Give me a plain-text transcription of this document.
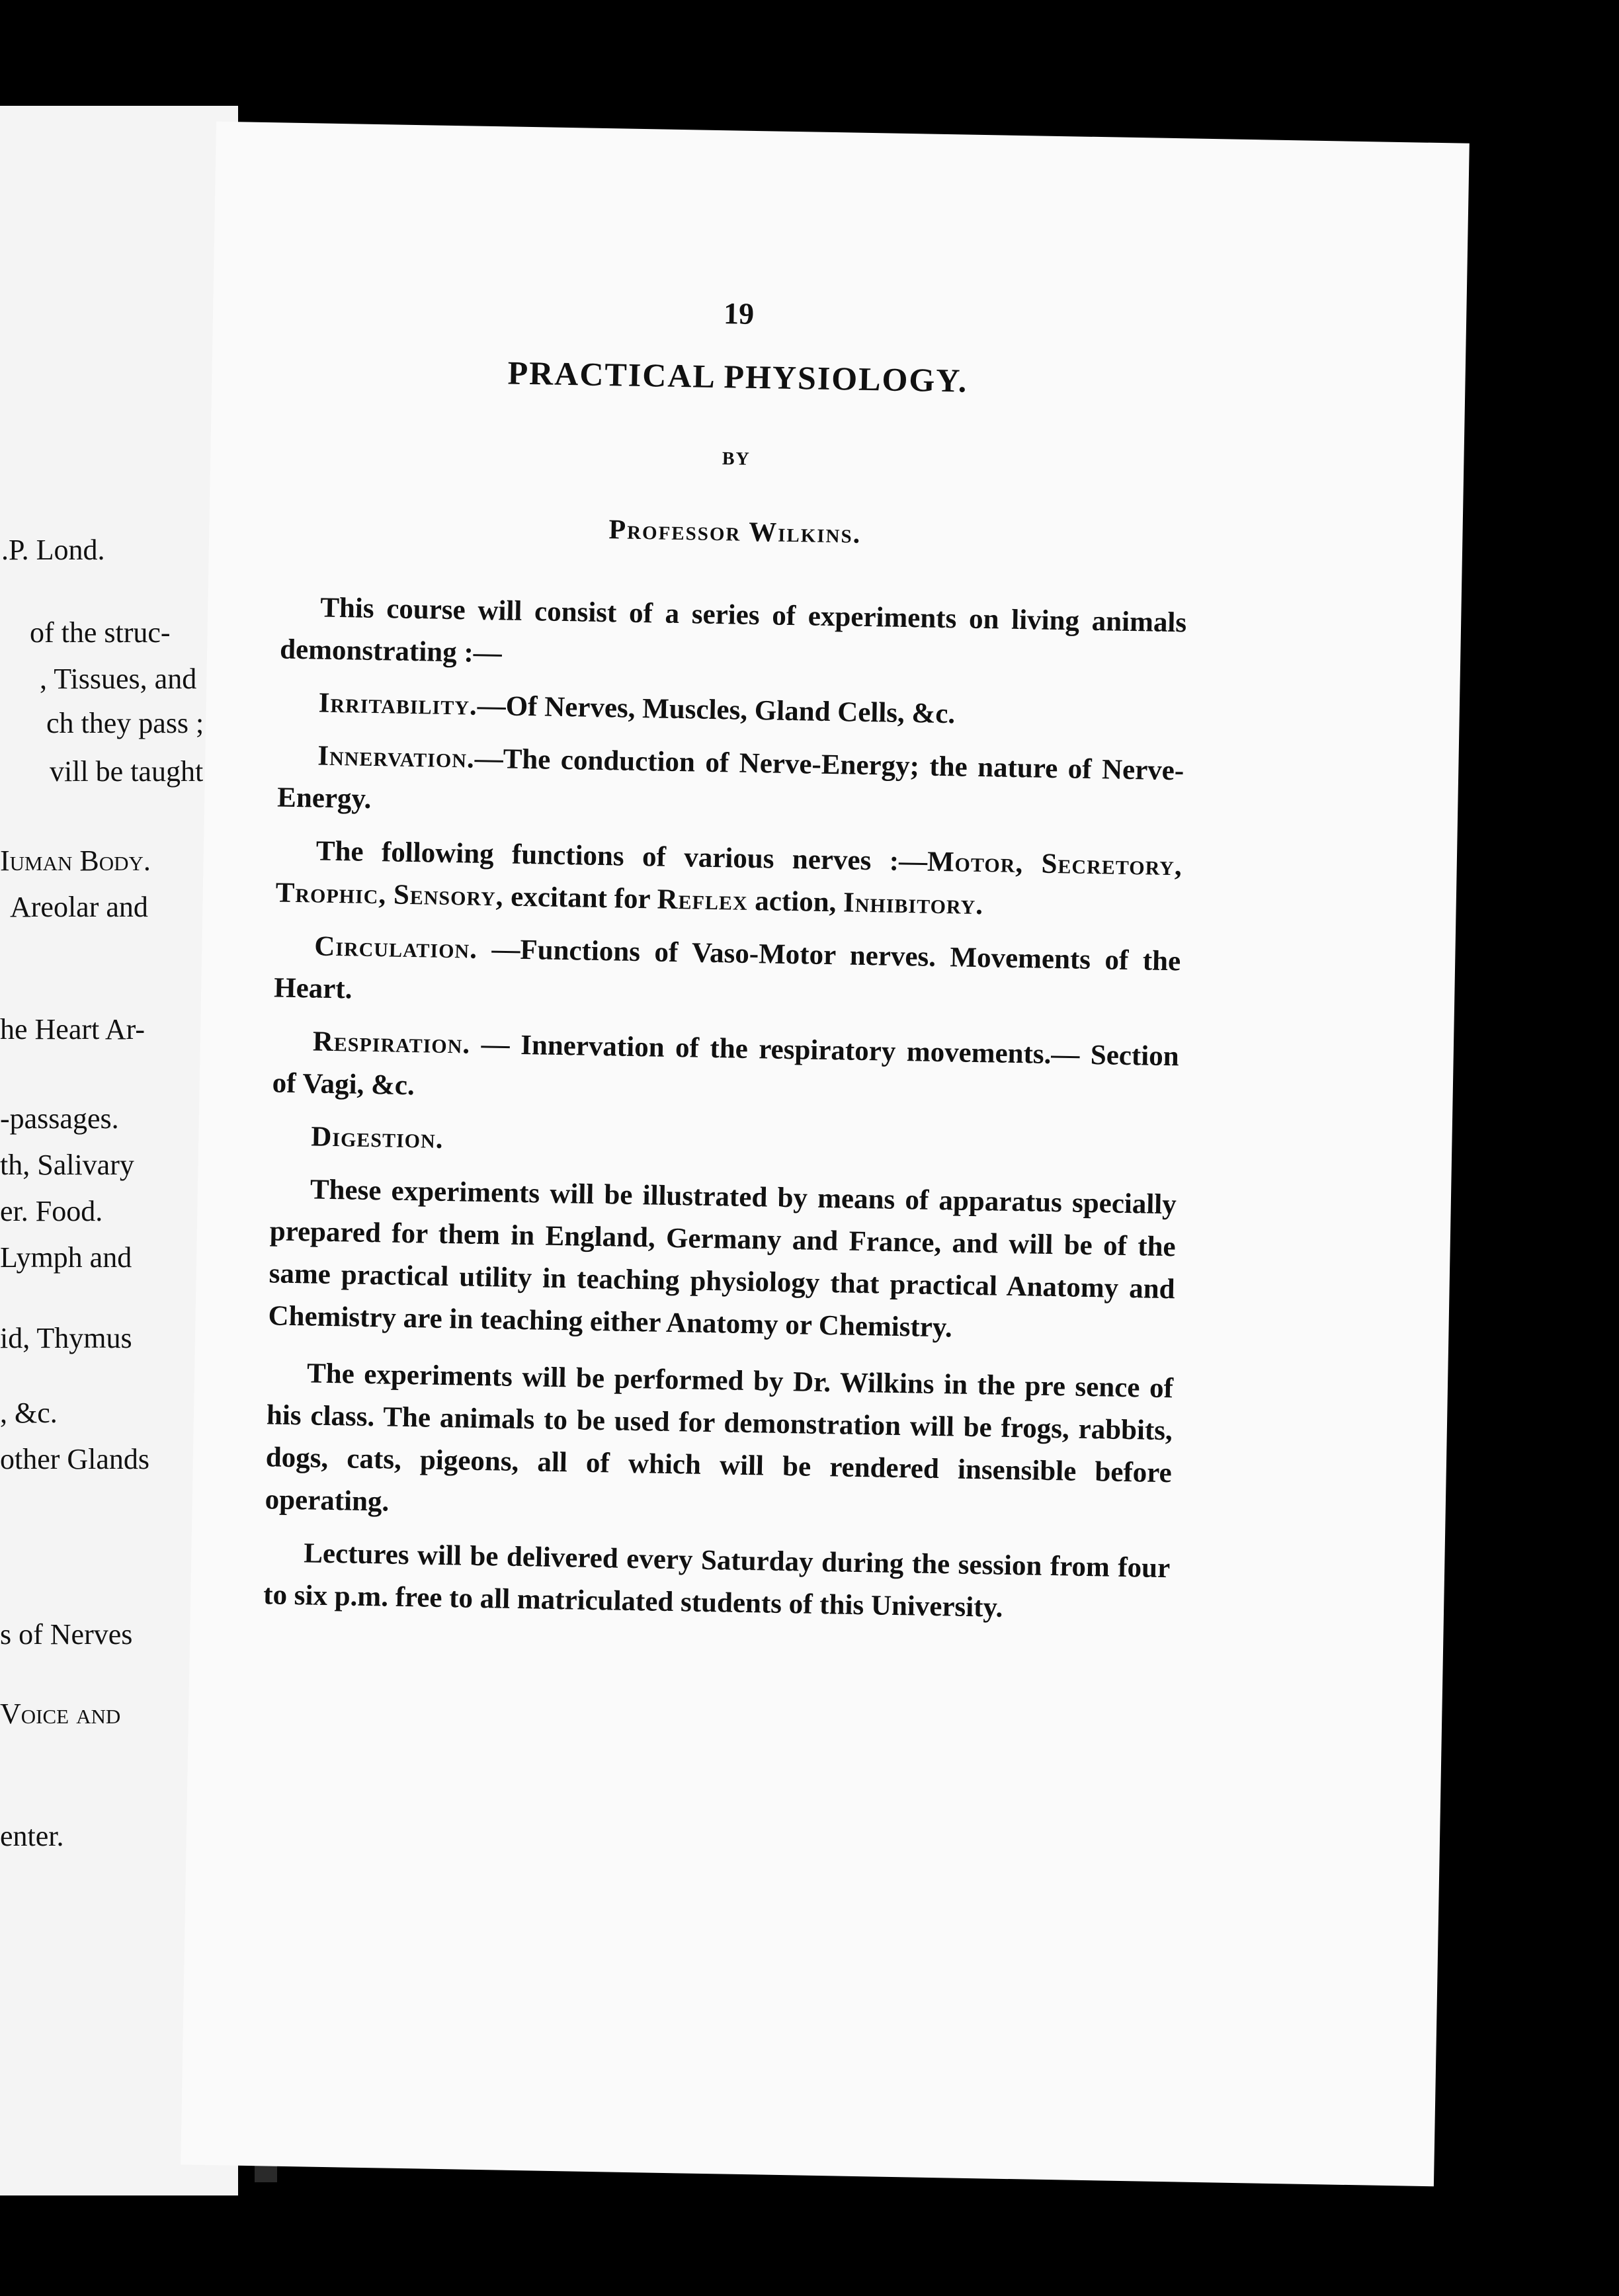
.P. Lond.
of the struc-
, Tissues, and
ch they pass ;
vill be taught
Iuman Body.
Areolar and
he Heart Ar-
-passages.
th, Salivary
er. Food.
Lymph and
id, Thymus
, &c.
other Glands
s of Nerves
Voice and
enter.
19
PRACTICAL PHYSIOLOGY.
BY
Professor Wilkins.

This course will consist of a series of experiments on living animals demonstrating :—

Irritability.—Of Nerves, Muscles, Gland Cells, &c.

Innervation.—The conduction of Nerve-Energy; the nature of Nerve-Energy.

The following functions of various nerves :—Motor, Secretory, Trophic, Sensory, excitant for Reflex action, Inhibitory.

Circulation. —Functions of Vaso-Motor nerves. Movements of the Heart.

Respiration. — Innervation of the respiratory movements.— Section of Vagi, &c.

Digestion.

These experiments will be illustrated by means of apparatus specially prepared for them in England, Germany and France, and will be of the same practical utility in teaching physiology that practical Anatomy and Chemistry are in teaching either Anatomy or Chemistry.

The experiments will be performed by Dr. Wilkins in the pre sence of his class. The animals to be used for demonstration will be frogs, rabbits, dogs, cats, pigeons, all of which will be rendered insensible before operating.

Lectures will be delivered every Saturday during the session from four to six p.m. free to all matriculated students of this University.
